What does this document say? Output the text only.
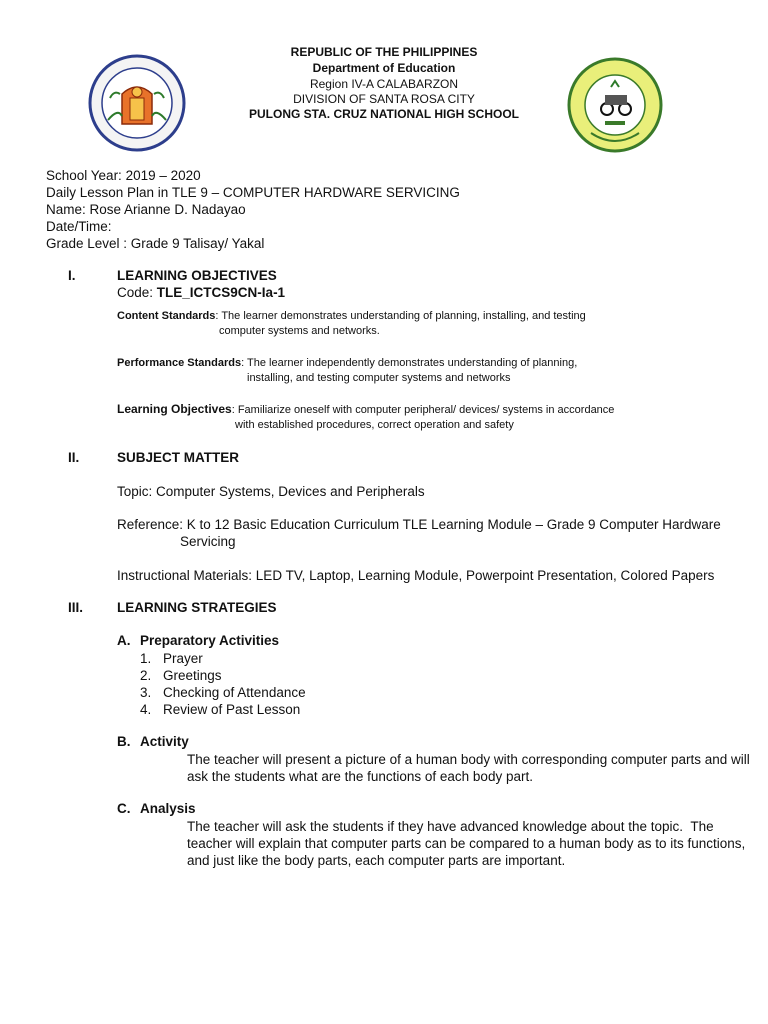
REPUBLIC OF THE PHILIPPINES
Department of Education
Region IV-A CALABARZON
DIVISION OF SANTA ROSA CITY
PULONG STA. CRUZ NATIONAL HIGH SCHOOL
School Year: 2019 – 2020
Daily Lesson Plan in TLE 9 – COMPUTER HARDWARE SERVICING
Name: Rose Arianne D. Nadayao
Date/Time:
Grade Level : Grade 9 Talisay/ Yakal
I.	LEARNING OBJECTIVES
Code: TLE_ICTCS9CN-Ia-1
Content Standards: The learner demonstrates understanding of planning, installing, and testing
computer systems and networks.
Performance Standards: The learner independently demonstrates understanding of planning,
installing, and testing computer systems and networks
Learning Objectives: Familiarize oneself with computer peripheral/ devices/ systems in accordance
with established procedures, correct operation and safety
II.	SUBJECT MATTER
Topic: Computer Systems, Devices and Peripherals
Reference: K to 12 Basic Education Curriculum TLE Learning Module – Grade 9 Computer Hardware
Servicing
Instructional Materials: LED TV, Laptop, Learning Module, Powerpoint Presentation, Colored Papers
III.	LEARNING STRATEGIES
A. Preparatory Activities
1. Prayer
2. Greetings
3. Checking of Attendance
4. Review of Past Lesson
B. Activity
The teacher will present a picture of a human body with corresponding computer parts and will
ask the students what are the functions of each body part.
C. Analysis
The teacher will ask the students if they have advanced knowledge about the topic.  The
teacher will explain that computer parts can be compared to a human body as to its functions,
and just like the body parts, each computer parts are important.
